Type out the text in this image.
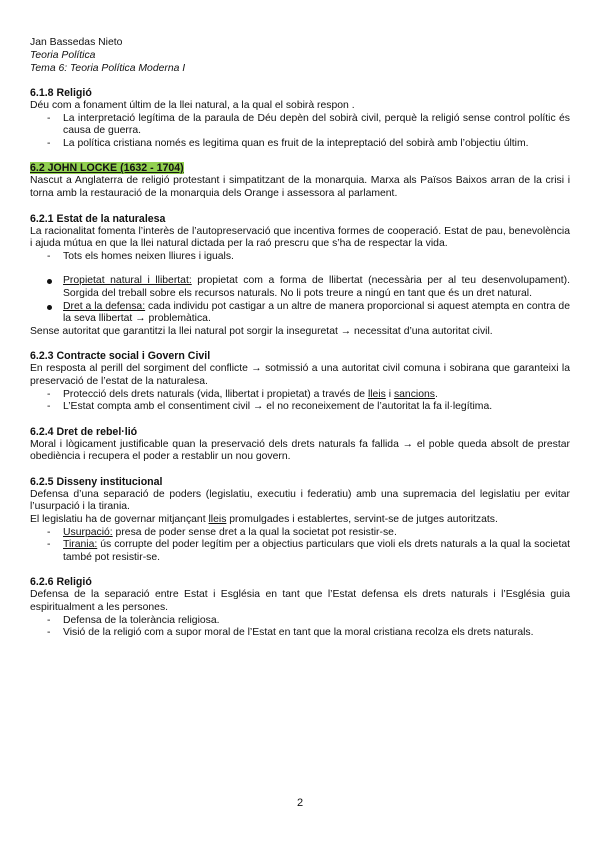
Jan Bassedas Nieto
Teoria Política
Tema 6: Teoria Política Moderna I
6.1.8 Religió

Déu com a fonament últim de la llei natural, a la qual el sobirà respon .

- La interpretació legítima de la paraula de Déu depèn del sobirà civil, perquè la religió sense control polític és causa de guerra.
- La política cristiana només es legitima quan es fruit de la intepreptació del sobirà amb l’objectiu últim.
6.2 JOHN LOCKE (1632 - 1704)

Nascut a Anglaterra de religió protestant i simpatitzant de la monarquia. Marxa als Països Baixos arran de la crisi i torna amb la restauració de la monarquia dels Orange i assessora al parlament.

6.2.1 Estat de la naturalesa

La racionalitat fomenta l’interès de l’autopreservació que incentiva formes de cooperació. Estat de pau, benevolència i ajuda mútua en que la llei natural dictada per la raó prescru que s’ha de respectar la vida.

- Tots els homes neixen lliures i iguals.
Propietat natural i llibertat: propietat com a forma de llibertat (necessària per al teu desenvolupament). Sorgida del treball sobre els recursos naturals. No li pots treure a ningú en tant que és un dret natural.
Dret a la defensa: cada individu pot castigar a un altre de manera proporcional si aquest atempta en contra de la seva llibertat → problemàtica.

Sense autoritat que garantitzi la llei natural pot sorgir la inseguretat → necessitat d’una autoritat civil.

6.2.3 Contracte social i Govern Civil

En resposta al perill del sorgiment del conflicte → sotmissió a una autoritat civil comuna i sobirana que garanteixi la preservació de l’estat de la naturalesa.

- Protecció dels drets naturals (vida, llibertat i propietat) a través de lleis i sancions.
- L’Estat compta amb el consentiment civil → el no reconeixement de l’autoritat la fa il·legítima.
6.2.4 Dret de rebel·lió

Moral i lògicament justificable quan la preservació dels drets naturals fa fallida → el poble queda absolt de prestar obediència i recupera el poder a restablir un nou govern.

6.2.5 Disseny institucional

Defensa d’una separació de poders (legislatiu, executiu i federatiu) amb una supremacia del legislatiu per evitar l’usurpació i la tirania.

El legislatiu ha de governar mitjançant lleis promulgades i establertes, servint-se de jutges autoritzats.

- Usurpació: presa de poder sense dret a la qual la societat pot resistir-se.
- Tirania: ús corrupte del poder legítim per a objectius particulars que violi els drets naturals a la qual la societat també pot resistir-se.
6.2.6 Religió

Defensa de la separació entre Estat i Església en tant que l’Estat defensa els drets naturals i l’Església guia espiritualment a les persones.

- Defensa de la tolerància religiosa.
- Visió de la religió com a supor moral de l’Estat en tant que la moral cristiana recolza els drets naturals.
2
